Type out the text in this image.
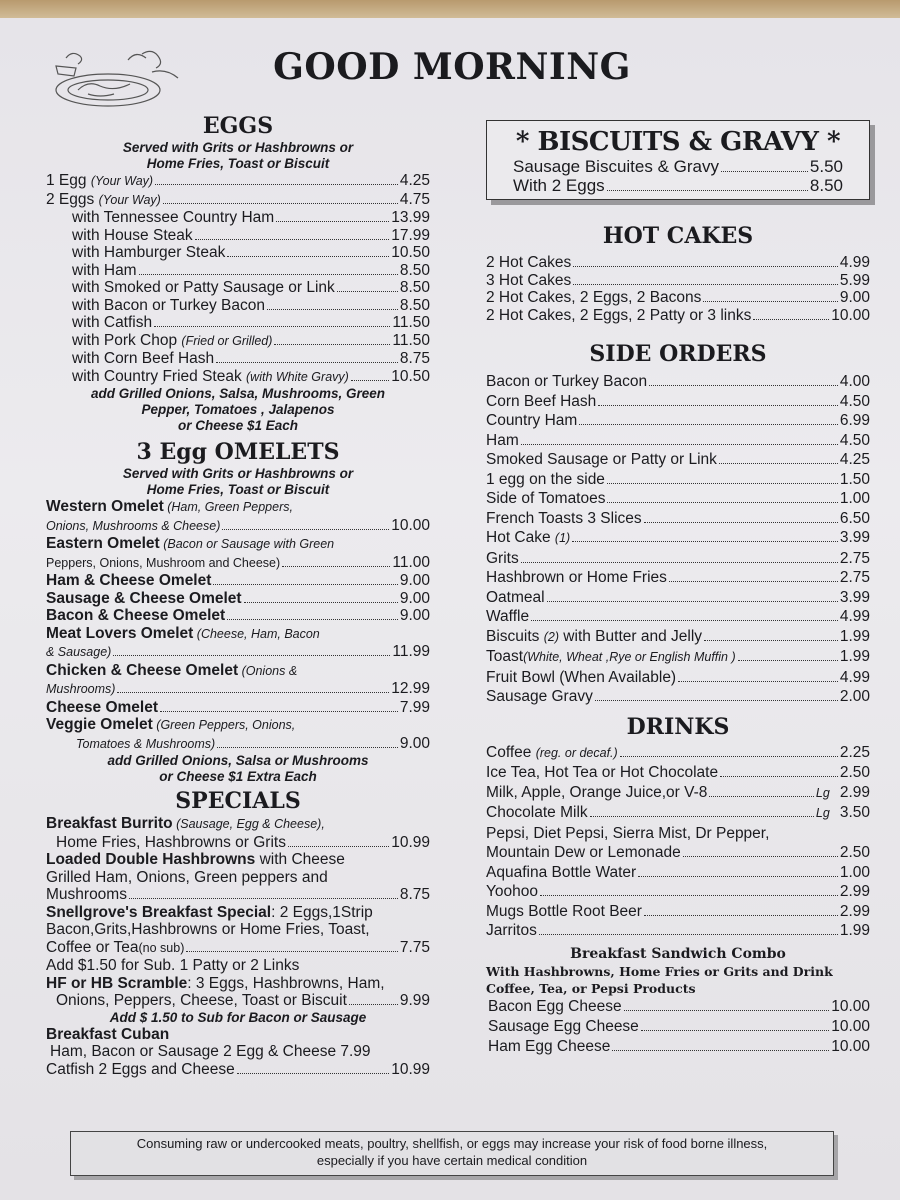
GOOD MORNING
EGGS
Served with Grits or Hashbrowns or
Home Fries, Toast or Biscuit
1 Egg (Your Way)	4.25
2 Eggs (Your Way)	4.75
with Tennessee Country Ham	13.99
with House Steak	17.99
with Hamburger Steak	10.50
with Ham	8.50
with Smoked or Patty Sausage or Link	8.50
with Bacon or Turkey Bacon	8.50
with Catfish	11.50
with Pork Chop (Fried or Grilled)	11.50
with Corn Beef Hash	8.75
with Country Fried Steak (with White Gravy)	10.50
add Grilled Onions, Salsa, Mushrooms, Green
Pepper, Tomatoes , Jalapenos
or Cheese $1 Each
3 Egg OMELETS
Served with Grits or Hashbrowns or
Home Fries, Toast or Biscuit
Western Omelet (Ham, Green Peppers,
Onions, Mushrooms & Cheese)	10.00
Eastern Omelet (Bacon or Sausage with Green
Peppers, Onions, Mushroom and Cheese)	11.00
Ham & Cheese Omelet	9.00
Sausage & Cheese Omelet	9.00
Bacon & Cheese Omelet	9.00
Meat Lovers Omelet (Cheese, Ham, Bacon
& Sausage)	11.99
Chicken & Cheese Omelet (Onions &
Mushrooms)	12.99
Cheese Omelet	7.99
Veggie Omelet (Green Peppers, Onions,
Tomatoes & Mushrooms)	9.00
add Grilled Onions, Salsa or Mushrooms
or Cheese $1 Extra Each
SPECIALS
Breakfast Burrito (Sausage, Egg & Cheese),
Home Fries, Hashbrowns or Grits	10.99
Loaded Double Hashbrowns with Cheese
Grilled Ham, Onions, Green peppers and
Mushrooms	8.75
Snellgrove's Breakfast Special: 2 Eggs,1Strip
Bacon,Grits,Hashbrowns or Home Fries, Toast,
Coffee or Tea(no sub)	7.75
Add $1.50 for Sub. 1 Patty or 2 Links
HF or HB Scramble: 3 Eggs, Hashbrowns, Ham,
Onions, Peppers, Cheese, Toast or Biscuit	9.99
Add $ 1.50 to Sub for Bacon or Sausage
Breakfast Cuban
Ham, Bacon or Sausage 2 Egg & Cheese 7.99
Catfish 2 Eggs and Cheese	10.99
* BISCUITS & GRAVY *
Sausage Biscuites & Gravy	5.50
With 2 Eggs	8.50
HOT CAKES
2 Hot Cakes	4.99
3 Hot Cakes	5.99
2 Hot Cakes, 2 Eggs, 2 Bacons	9.00
2 Hot Cakes, 2 Eggs, 2 Patty or 3 links	10.00
SIDE ORDERS
Bacon or Turkey Bacon	4.00
Corn Beef Hash	4.50
Country Ham	6.99
Ham	4.50
Smoked Sausage or Patty or Link	4.25
1 egg on the side	1.50
Side of Tomatoes	1.00
French Toasts 3 Slices	6.50
Hot Cake (1)	3.99
Grits	2.75
Hashbrown or Home Fries	2.75
Oatmeal	3.99
Waffle	4.99
Biscuits (2) with Butter and Jelly	1.99
Toast(White, Wheat ,Rye or English Muffin )	1.99
Fruit Bowl (When Available)	4.99
Sausage Gravy	2.00
DRINKS
Coffee (reg. or decaf.)	2.25
Ice Tea, Hot Tea or Hot Chocolate	2.50
Milk, Apple, Orange Juice,or V-8	Lg 2.99
Chocolate Milk	Lg 3.50
Pepsi, Diet Pepsi, Sierra Mist, Dr Pepper,
Mountain Dew or Lemonade	2.50
Aquafina Bottle Water	1.00
Yoohoo	2.99
Mugs Bottle Root Beer	2.99
Jarritos	1.99
Breakfast Sandwich Combo
With Hashbrowns, Home Fries or Grits and Drink
Coffee, Tea, or Pepsi Products
Bacon Egg Cheese	10.00
Sausage Egg Cheese	10.00
Ham Egg Cheese	10.00
Consuming raw or undercooked meats, poultry, shellfish, or eggs may increase your risk of food borne illness,
especially if you have certain medical condition
